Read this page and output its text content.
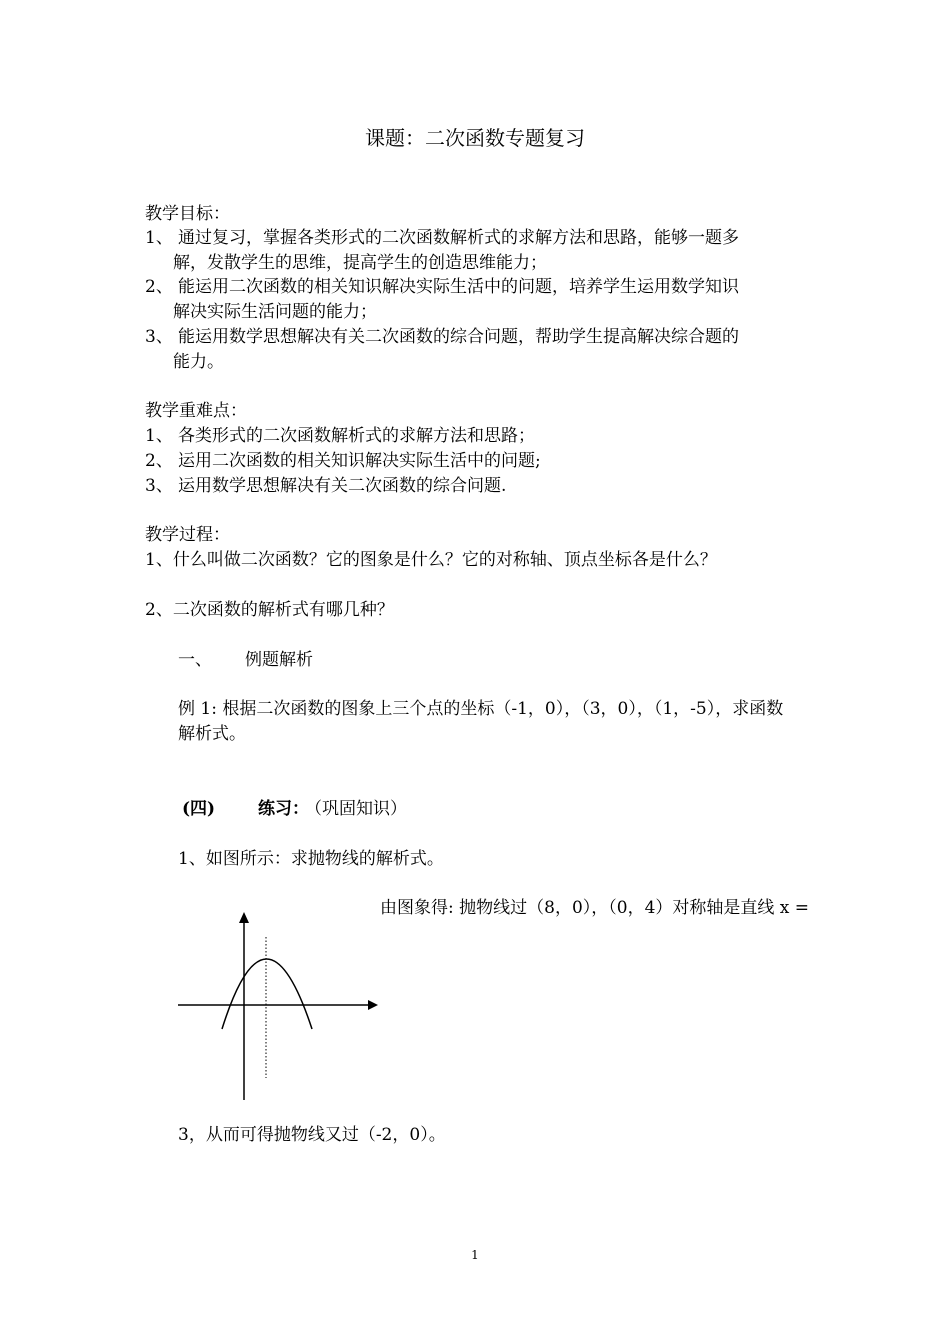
课题：二次函数专题复习
教学目标：
1、 通过复习，掌握各类形式的二次函数解析式的求解方法和思路，能够一题多
解，发散学生的思维，提高学生的创造思维能力；
2、 能运用二次函数的相关知识解决实际生活中的问题，培养学生运用数学知识
解决实际生活问题的能力；
3、 能运用数学思想解决有关二次函数的综合问题，帮助学生提高解决综合题的
能力。
教学重难点：
1、 各类形式的二次函数解析式的求解方法和思路；
2、 运用二次函数的相关知识解决实际生活中的问题;
3、 运用数学思想解决有关二次函数的综合问题.
教学过程：
1、什么叫做二次函数？它的图象是什么？它的对称轴、顶点坐标各是什么？
2、二次函数的解析式有哪几种？
一、 例题解析
例 1: 根据二次函数的图象上三个点的坐标（-1，0），（3，0），（1，-5），求函数
解析式。
(四)	练习：
（巩固知识）
1、如图所示：求抛物线的解析式。
由图象得: 抛物线过（8，0），（0，4）对称轴是直线 x =
3，从而可得抛物线又过（-2，0）。
1
